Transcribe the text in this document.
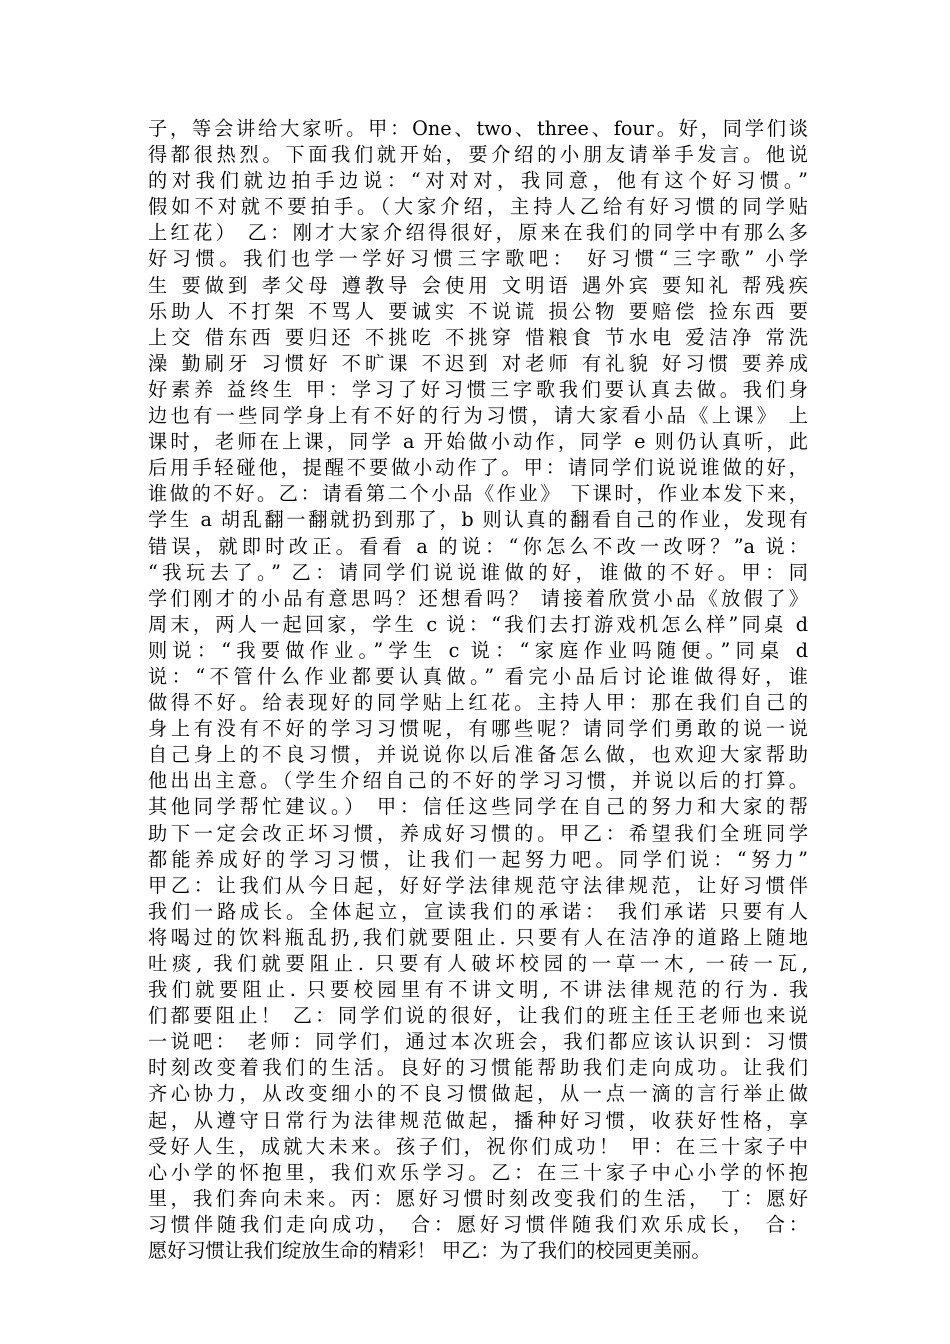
子，等会讲给大家听。甲：One、two、three、four。好，同学们谈
得都很热烈。下面我们就开始，要介绍的小朋友请举手发言。他说
的对我们就边拍手边说：“对对对，我同意，他有这个好习惯。”
假如不对就不要拍手。（大家介绍，主持人乙给有好习惯的同学贴
上红花） 乙：刚才大家介绍得很好，原来在我们的同学中有那么多
好习惯。我们也学一学好习惯三字歌吧： 好习惯“三字歌” 小学
生 要做到 孝父母 遵教导 会使用 文明语 遇外宾 要知礼 帮残疾
乐助人 不打架 不骂人 要诚实 不说谎 损公物 要赔偿 捡东西 要
上交 借东西 要归还 不挑吃 不挑穿 惜粮食 节水电 爱洁净 常洗
澡 勤刷牙 习惯好 不旷课 不迟到 对老师 有礼貌 好习惯 要养成
好素养 益终生 甲：学习了好习惯三字歌我们要认真去做。我们身
边也有一些同学身上有不好的行为习惯，请大家看小品《上课》 上
课时，老师在上课，同学 a 开始做小动作，同学 e 则仍认真听，此
后用手轻碰他，提醒不要做小动作了。甲：请同学们说说谁做的好，
谁做的不好。乙：请看第二个小品《作业》 下课时，作业本发下来，
学生 a 胡乱翻一翻就扔到那了，b 则认真的翻看自己的作业，发现有
错误，就即时改正。看看 a 的说：“你怎么不改一改呀？”a 说：
“我玩去了。” 乙：请同学们说说谁做的好，谁做的不好。甲：同
学们刚才的小品有意思吗？还想看吗？ 请接着欣赏小品《放假了》
周末，两人一起回家，学生 c 说：“我们去打游戏机怎么样”同桌 d
则说：“我要做作业。”学生 c 说：“家庭作业吗随便。”同桌 d
说：“不管什么作业都要认真做。” 看完小品后讨论谁做得好，谁
做得不好。给表现好的同学贴上红花。主持人甲：那在我们自己的
身上有没有不好的学习习惯呢，有哪些呢？请同学们勇敢的说一说
自己身上的不良习惯，并说说你以后准备怎么做，也欢迎大家帮助
他出出主意。（学生介绍自己的不好的学习习惯，并说以后的打算。
其他同学帮忙建议。） 甲：信任这些同学在自己的努力和大家的帮
助下一定会改正坏习惯，养成好习惯的。甲乙：希望我们全班同学
都能养成好的学习习惯，让我们一起努力吧。同学们说：“努力”
甲乙：让我们从今日起，好好学法律规范守法律规范，让好习惯伴
我们一路成长。全体起立，宣读我们的承诺： 我们承诺 只要有人
将喝过的饮料瓶乱扔,我们就要阻止. 只要有人在洁净的道路上随地
吐痰, 我们就要阻止. 只要有人破坏校园的一草一木, 一砖一瓦,
我们就要阻止. 只要校园里有不讲文明, 不讲法律规范的行为. 我
们都要阻止！ 乙：同学们说的很好，让我们的班主任王老师也来说
一说吧： 老师：同学们，通过本次班会，我们都应该认识到：习惯
时刻改变着我们的生活。良好的习惯能帮助我们走向成功。让我们
齐心协力，从改变细小的不良习惯做起，从一点一滴的言行举止做
起，从遵守日常行为法律规范做起，播种好习惯，收获好性格，享
受好人生，成就大未来。孩子们，祝你们成功！ 甲：在三十家子中
心小学的怀抱里，我们欢乐学习。乙：在三十家子中心小学的怀抱
里，我们奔向未来。丙：愿好习惯时刻改变我们的生活， 丁：愿好
习惯伴随我们走向成功， 合：愿好习惯伴随我们欢乐成长， 合：
愿好习惯让我们绽放生命的精彩！ 甲乙：为了我们的校园更美丽。
